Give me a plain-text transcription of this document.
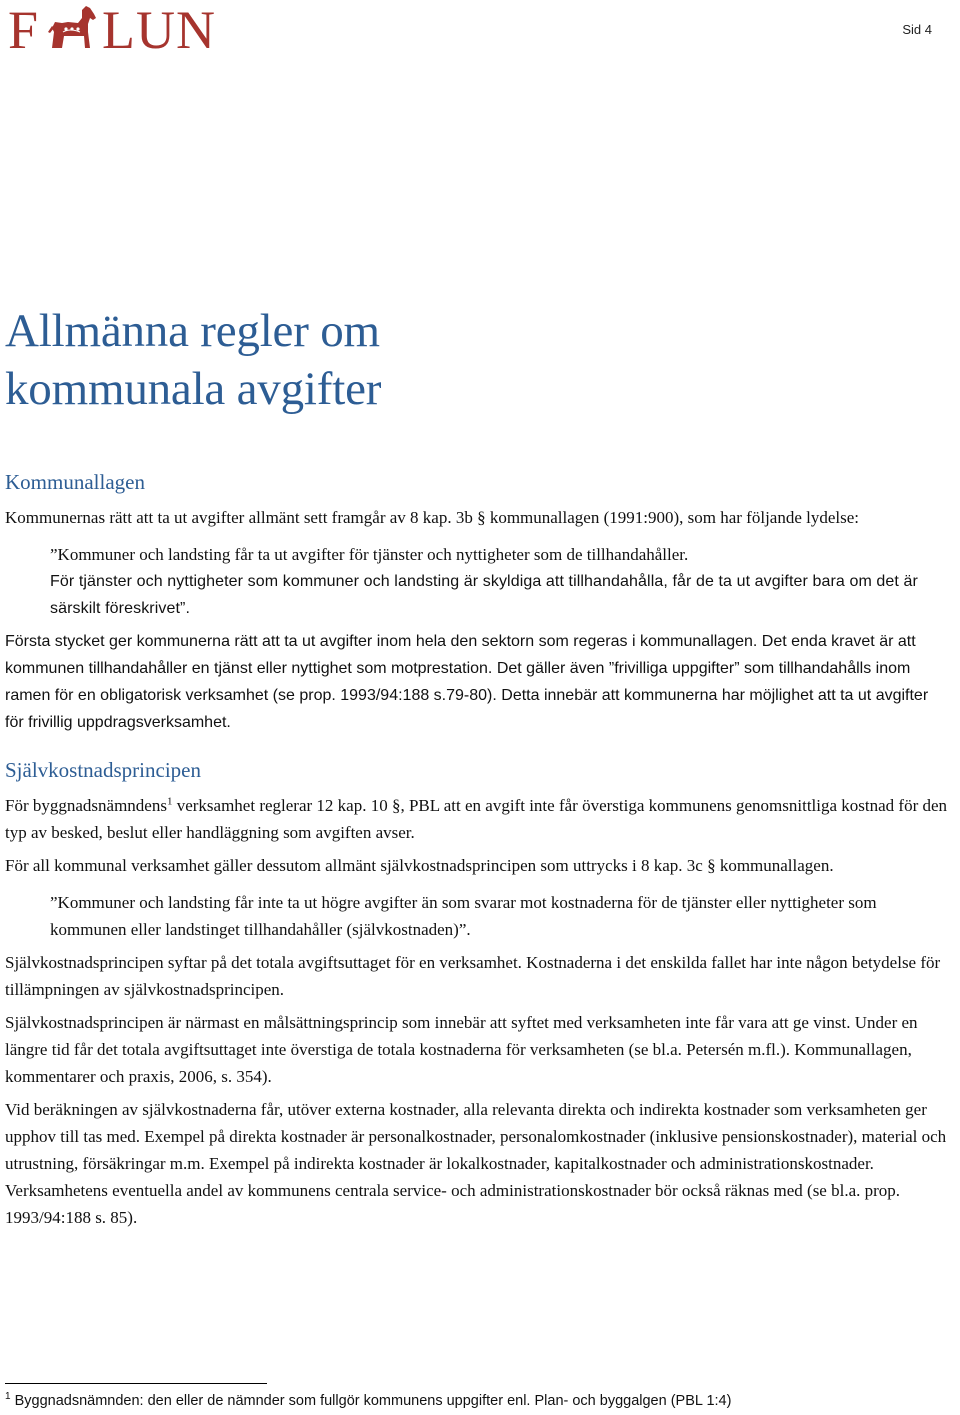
F LUN	Sid 4
Allmänna regler om
kommunala avgifter
Kommunallagen

Kommunernas rätt att ta ut avgifter allmänt sett framgår av 8 kap. 3b § kommunallagen (1991:900), som har följande lydelse:

”Kommuner och landsting får ta ut avgifter för tjänster och nyttigheter som de tillhandahåller.
För tjänster och nyttigheter som kommuner och landsting är skyldiga att tillhandahålla, får de ta ut avgifter bara om det är särskilt föreskrivet”.

Första stycket ger kommunerna rätt att ta ut avgifter inom hela den sektorn som regeras i kommunallagen. Det enda kravet är att kommunen tillhandahåller en tjänst eller nyttighet som motprestation. Det gäller även ”frivilliga uppgifter” som tillhandahålls inom ramen för en obligatorisk verksamhet (se prop. 1993/94:188 s.79-80). Detta innebär att kommunerna har möjlighet att ta ut avgifter för frivillig uppdragsverksamhet.

Självkostnadsprincipen

För byggnadsnämndens$^1$ verksamhet reglerar 12 kap. 10 §, PBL att en avgift inte får överstiga kommunens genomsnittliga kostnad för den typ av besked, beslut eller handläggning som avgiften avser.

För all kommunal verksamhet gäller dessutom allmänt självkostnadsprincipen som uttrycks i 8 kap. 3c § kommunallagen.

”Kommuner och landsting får inte ta ut högre avgifter än som svarar mot kostnaderna för de tjänster eller nyttigheter som kommunen eller landstinget tillhandahåller (självkostnaden)”.

Självkostnadsprincipen syftar på det totala avgiftsuttaget för en verksamhet. Kostnaderna i det enskilda fallet har inte någon betydelse för tillämpningen av självkostnadsprincipen.

Självkostnadsprincipen är närmast en målsättningsprincip som innebär att syftet med verksamheten inte får vara att ge vinst. Under en längre tid får det totala avgiftsuttaget inte överstiga de totala kostnaderna för verksamheten (se bl.a. Petersén m.fl.). Kommunallagen, kommentarer och praxis, 2006, s. 354).

Vid beräkningen av självkostnaderna får, utöver externa kostnader, alla relevanta direkta och indirekta kostnader som verksamheten ger upphov till tas med. Exempel på direkta kostnader är personalkostnader, personalomkostnader (inklusive pensionskostnader), material och utrustning, försäkringar m.m. Exempel på indirekta kostnader är lokalkostnader, kapitalkostnader och administrationskostnader. Verksamhetens eventuella andel av kommunens centrala service- och administrationskostnader bör också räknas med (se bl.a. prop. 1993/94:188 s. 85).

$^1$ Byggnadsnämnden: den eller de nämnder som fullgör kommunens uppgifter enl. Plan- och byggalgen (PBL 1:4)
